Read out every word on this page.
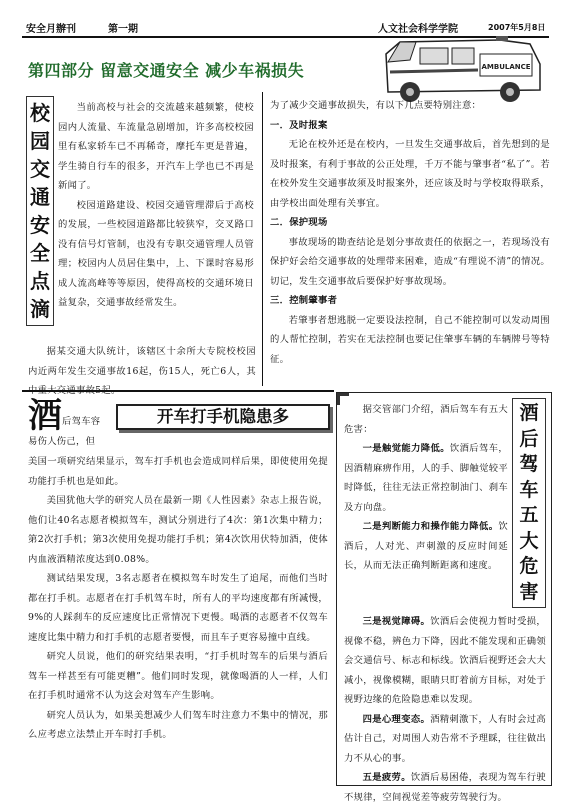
安全月辦刊	第一期	人文社会科学学院	2007年5月8日
第四部分 留意交通安全 减少车祸损失	AMBULANCE
校
园
交
通
安
全
点
滴

当前高校与社会的交流越来越频繁，使校园内人流量、车流量急剧增加，许多高校校园里有私家轿车已不再稀奇，摩托车更是普遍，学生骑自行车的很多，开汽车上学也已不再是新闻了。

校园道路建设、校园交通管理滞后于高校的发展，一些校园道路都比较狭窄，交叉路口没有信号灯管制，也没有专职交通管理人员管理；校园内人员居住集中，上、下课时容易形成人流高峰等等原因，使得高校的交通环境日益复杂，交通事故经常发生。

据某交通大队统计，该辖区十余所大专院校校园内近两年发生交通事故16起，伤15人，死亡6人，其

为了减少交通事故损失，有以下几点要特别注意：

一．及时报案

无论在校外还是在校内，一旦发生交通事故后，首先想到的是及时报案，有利于事故的公正处理，千万不能与肇事者“私了”。若在校外发生交通事故须及时报案外，还应该及时与学校取得联系，由学校出面处理有关事宜。

二．保护现场

事故现场的勘查结论是划分事故责任的依据之一，若现场没有保护好会给交通事故的处理带来困难，造成“有理说不清”的情况。切记，发生交通事故后要保护好事故现场。

三．控制肇事者

若肇事者想逃脱一定要设法控制，自己不能控制可以发动周围的人帮忙控制，若实在无法控制也要记住肇事车辆的车辆牌号等特征。

酒	开车打手机隐患多

后驾车容

易伤人伤己，但

美国一项研究结果显示，驾车打手机也会造成同样后果，即使使用免提功能打手机也是如此。

美国犹他大学的研究人员在最新一期《人性因素》杂志上报告说，他们让40名志愿者模拟驾车，测试分别进行了4次：第1次集中精力；第2次打手机；第3次使用免提功能打手机；第4次饮用伏特加酒，使体内血液酒精浓度达到0.08%。

测试结果发现，3名志愿者在模拟驾车时发生了追尾，而他们当时都在打手机。志愿者在打手机驾车时，所有人的平均速度都有所减慢，9%的人踩刹车的反应速度比正常情况下更慢。喝酒的志愿者不仅驾车速度比集中精力和打手机的志愿者要慢，而且车子更容易撞中直线。

研究人员说，他们的研究结果表明，“打手机时驾车的后果与酒后驾车一样甚至有可能更糟”。他们同时发现，就像喝酒的人一样，人们在打手机时通常不认为这会对驾车产生影响。

研究人员认为，如果美想减少人们驾车时注意力不集中的情况，那么应考虑立法禁止开车时打手机。

酒
后
驾
车
五
大
危
害

据交管部门介绍，酒后驾车有五大危害：

一是触觉能力降低。饮酒后驾车，因酒精麻痹作用，人的手、脚触觉较平时降低，往往无法正常控制油门、刹车及方向盘。

二是判断能力和操作能力降低。饮酒后，人对光、声刺激的反应时间延长，从而无法正确判断距离和速度。

三是视觉障碍。饮酒后会使视力暂时受损，视像不稳，辨色力下降，因此不能发现和正确领会交通信号、标志和标线。饮酒后视野还会大大减小，视像模糊，眼睛只盯着前方目标，对处于视野边缘的危险隐患难以发现。

四是心理变态。酒精刺激下，人有时会过高估计自己，对周围人劝告常不予理睬，往往做出力不从心的事。

五是疲劳。饮酒后易困倦，表现为驾车行驶不规律，空间视觉差等疲劳驾驶行为。
